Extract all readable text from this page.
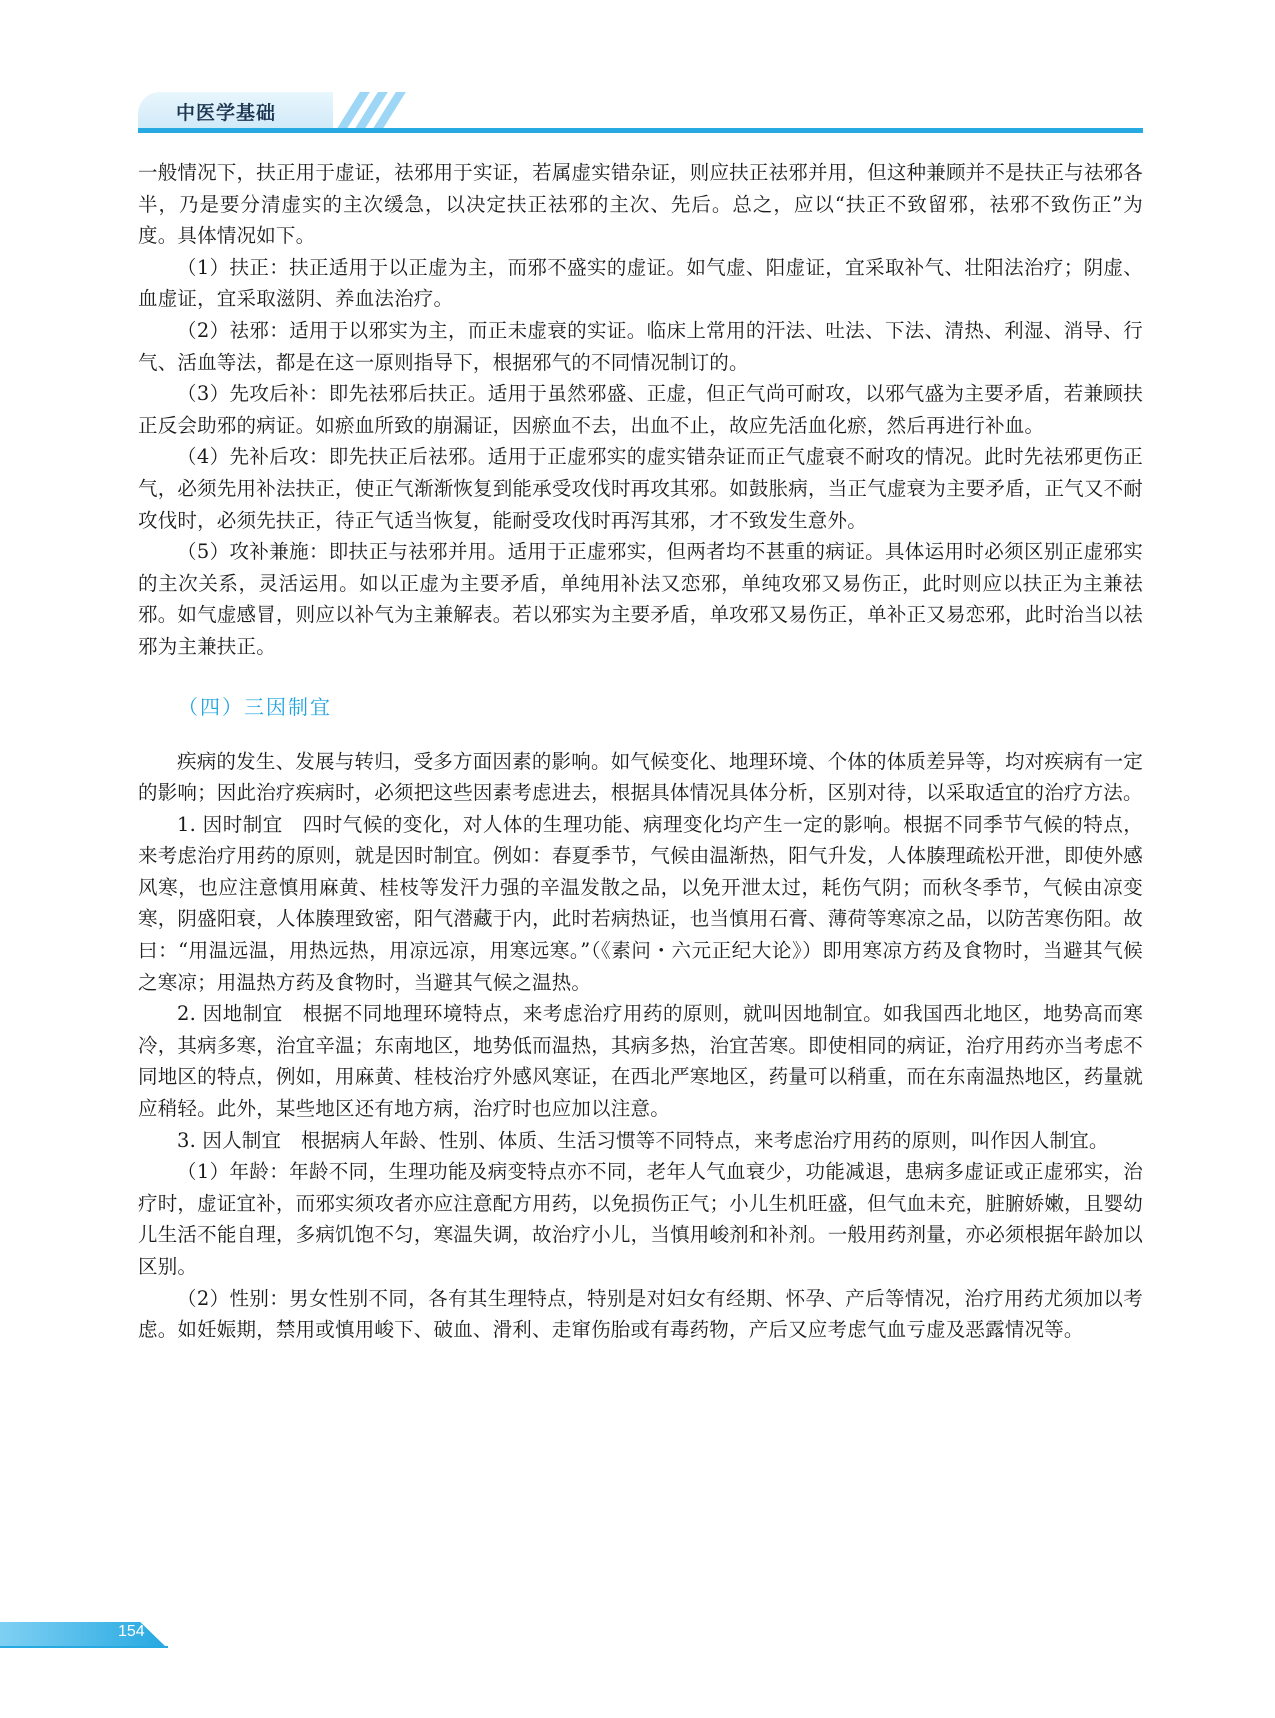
中医学基础

一般情况下，扶正用于虚证，祛邪用于实证，若属虚实错杂证，则应扶正祛邪并用，但这种兼顾并不是扶正与祛邪各半，乃是要分清虚实的主次缓急，以决定扶正祛邪的主次、先后。总之，应以“扶正不致留邪，祛邪不致伤正”为度。具体情况如下。

（1）扶正：扶正适用于以正虚为主，而邪不盛实的虚证。如气虚、阳虚证，宜采取补气、壮阳法治疗；阴虚、血虚证，宜采取滋阴、养血法治疗。

（2）祛邪：适用于以邪实为主，而正未虚衰的实证。临床上常用的汗法、吐法、下法、清热、利湿、消导、行气、活血等法，都是在这一原则指导下，根据邪气的不同情况制订的。

（3）先攻后补：即先祛邪后扶正。适用于虽然邪盛、正虚，但正气尚可耐攻，以邪气盛为主要矛盾，若兼顾扶正反会助邪的病证。如瘀血所致的崩漏证，因瘀血不去，出血不止，故应先活血化瘀，然后再进行补血。

（4）先补后攻：即先扶正后祛邪。适用于正虚邪实的虚实错杂证而正气虚衰不耐攻的情况。此时先祛邪更伤正气，必须先用补法扶正，使正气渐渐恢复到能承受攻伐时再攻其邪。如鼓胀病，当正气虚衰为主要矛盾，正气又不耐攻伐时，必须先扶正，待正气适当恢复，能耐受攻伐时再泻其邪，才不致发生意外。

（5）攻补兼施：即扶正与祛邪并用。适用于正虚邪实，但两者均不甚重的病证。具体运用时必须区别正虚邪实的主次关系，灵活运用。如以正虚为主要矛盾，单纯用补法又恋邪，单纯攻邪又易伤正，此时则应以扶正为主兼祛邪。如气虚感冒，则应以补气为主兼解表。若以邪实为主要矛盾，单攻邪又易伤正，单补正又易恋邪，此时治当以祛邪为主兼扶正。

（四）三因制宜

疾病的发生、发展与转归，受多方面因素的影响。如气候变化、地理环境、个体的体质差异等，均对疾病有一定的影响；因此治疗疾病时，必须把这些因素考虑进去，根据具体情况具体分析，区别对待，以采取适宜的治疗方法。

1. 因时制宜　四时气候的变化，对人体的生理功能、病理变化均产生一定的影响。根据不同季节气候的特点，来考虑治疗用药的原则，就是因时制宜。例如：春夏季节，气候由温渐热，阳气升发，人体腠理疏松开泄，即使外感风寒，也应注意慎用麻黄、桂枝等发汗力强的辛温发散之品，以免开泄太过，耗伤气阴；而秋冬季节，气候由凉变寒，阴盛阳衰，人体腠理致密，阳气潜藏于内，此时若病热证，也当慎用石膏、薄荷等寒凉之品，以防苦寒伤阳。故曰：“用温远温，用热远热，用凉远凉，用寒远寒。”（《素问・六元正纪大论》）即用寒凉方药及食物时，当避其气候之寒凉；用温热方药及食物时，当避其气候之温热。

2. 因地制宜　根据不同地理环境特点，来考虑治疗用药的原则，就叫因地制宜。如我国西北地区，地势高而寒冷，其病多寒，治宜辛温；东南地区，地势低而温热，其病多热，治宜苦寒。即使相同的病证，治疗用药亦当考虑不同地区的特点，例如，用麻黄、桂枝治疗外感风寒证，在西北严寒地区，药量可以稍重，而在东南温热地区，药量就应稍轻。此外，某些地区还有地方病，治疗时也应加以注意。

3. 因人制宜　根据病人年龄、性别、体质、生活习惯等不同特点，来考虑治疗用药的原则，叫作因人制宜。

（1）年龄：年龄不同，生理功能及病变特点亦不同，老年人气血衰少，功能减退，患病多虚证或正虚邪实，治疗时，虚证宜补，而邪实须攻者亦应注意配方用药，以免损伤正气；小儿生机旺盛，但气血未充，脏腑娇嫩，且婴幼儿生活不能自理，多病饥饱不匀，寒温失调，故治疗小儿，当慎用峻剂和补剂。一般用药剂量，亦必须根据年龄加以区别。

（2）性别：男女性别不同，各有其生理特点，特别是对妇女有经期、怀孕、产后等情况，治疗用药尤须加以考虑。如妊娠期，禁用或慎用峻下、破血、滑利、走窜伤胎或有毒药物，产后又应考虑气血亏虚及恶露情况等。

154
